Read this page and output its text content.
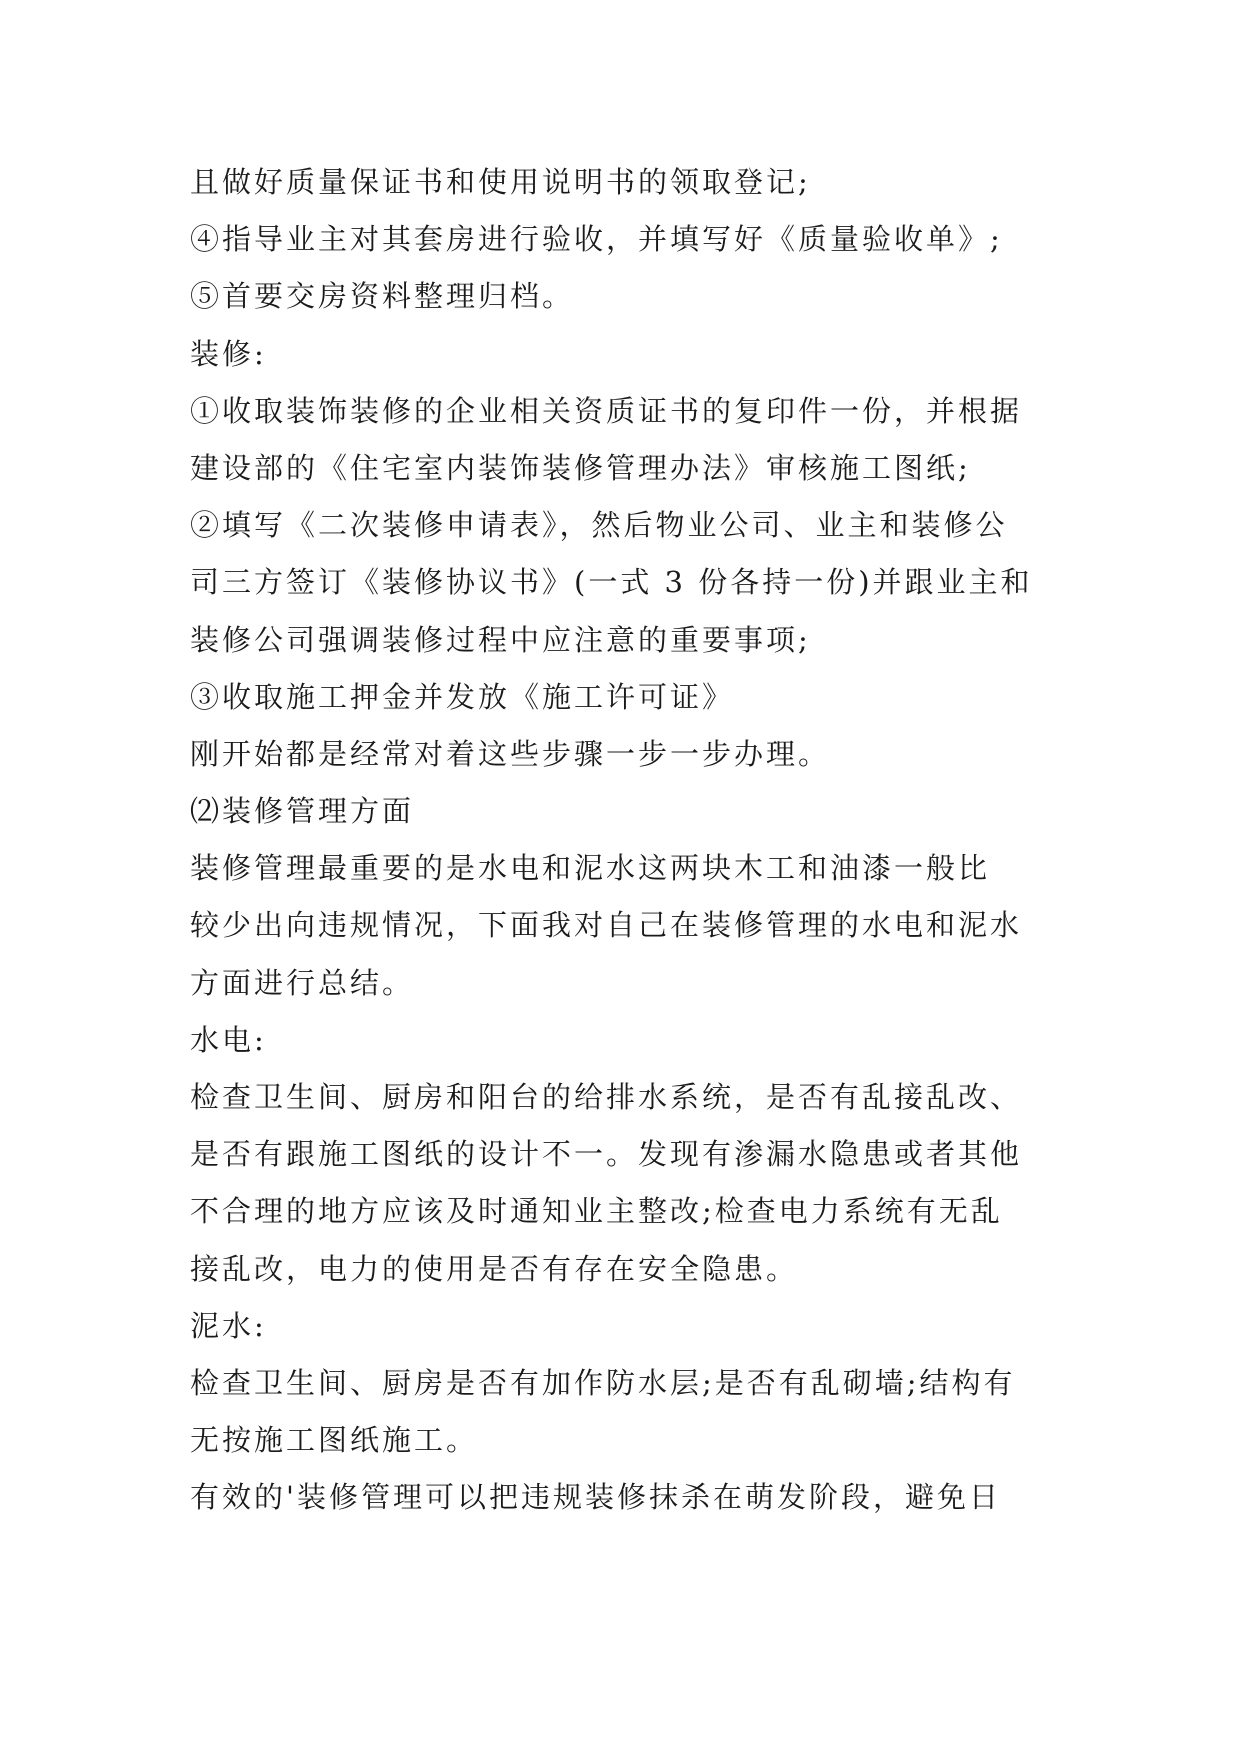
且做好质量保证书和使用说明书的领取登记;

④指导业主对其套房进行验收，并填写好《质量验收单》;

⑤首要交房资料整理归档。

装修:

①收取装饰装修的企业相关资质证书的复印件一份，并根据

建设部的《住宅室内装饰装修管理办法》审核施工图纸;

②填写《二次装修申请表》，然后物业公司、业主和装修公

司三方签订《装修协议书》(一式 3 份各持一份)并跟业主和

装修公司强调装修过程中应注意的重要事项;

③收取施工押金并发放《施工许可证》

刚开始都是经常对着这些步骤一步一步办理。

⑵装修管理方面

装修管理最重要的是水电和泥水这两块木工和油漆一般比

较少出向违规情况，下面我对自己在装修管理的水电和泥水

方面进行总结。

水电:

检查卫生间、厨房和阳台的给排水系统，是否有乱接乱改、

是否有跟施工图纸的设计不一。发现有渗漏水隐患或者其他

不合理的地方应该及时通知业主整改;检查电力系统有无乱

接乱改，电力的使用是否有存在安全隐患。

泥水:

检查卫生间、厨房是否有加作防水层;是否有乱砌墙;结构有

无按施工图纸施工。

有效的'装修管理可以把违规装修抹杀在萌发阶段，避免日
